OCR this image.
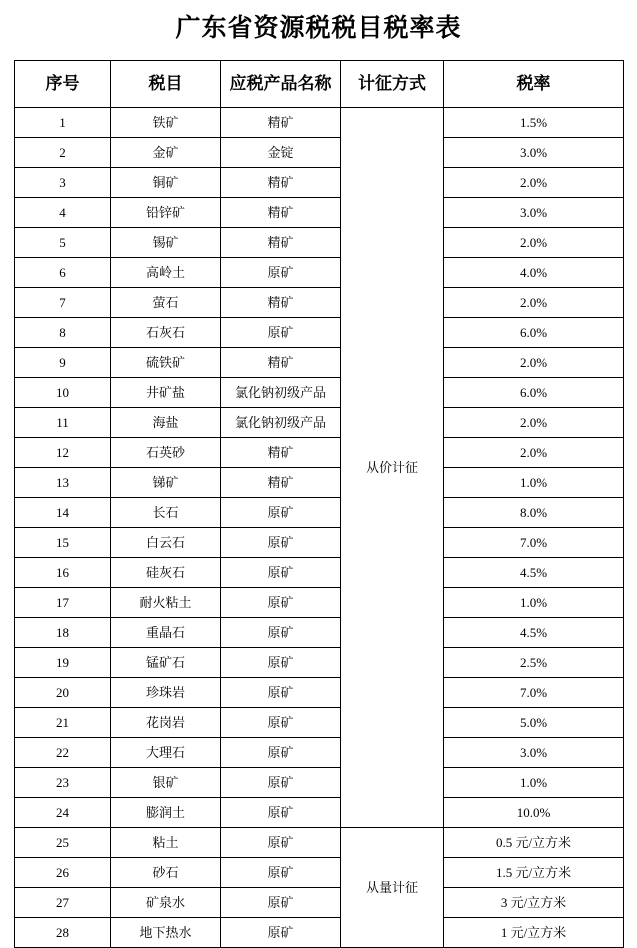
广东省资源税税目税率表
序号	税目	应税产品名称	计征方式	税率
1	铁矿	精矿	从价计征	1.5%
2	金矿	金锭		3.0%
3	铜矿	精矿		2.0%
4	铅锌矿	精矿		3.0%
5	锡矿	精矿		2.0%
6	高岭土	原矿		4.0%
7	萤石	精矿		2.0%
8	石灰石	原矿		6.0%
9	硫铁矿	精矿		2.0%
10	井矿盐	氯化钠初级产品		6.0%
11	海盐	氯化钠初级产品		2.0%
12	石英砂	精矿		2.0%
13	锑矿	精矿		1.0%
14	长石	原矿		8.0%
15	白云石	原矿		7.0%
16	硅灰石	原矿		4.5%
17	耐火粘土	原矿		1.0%
18	重晶石	原矿		4.5%
19	锰矿石	原矿		2.5%
20	珍珠岩	原矿		7.0%
21	花岗岩	原矿		5.0%
22	大理石	原矿		3.0%
23	银矿	原矿		1.0%
24	膨润土	原矿		10.0%
25	粘土	原矿	从量计征	0.5 元/立方米
26	砂石	原矿		1.5 元/立方米
27	矿泉水	原矿		3 元/立方米
28	地下热水	原矿		1 元/立方米
